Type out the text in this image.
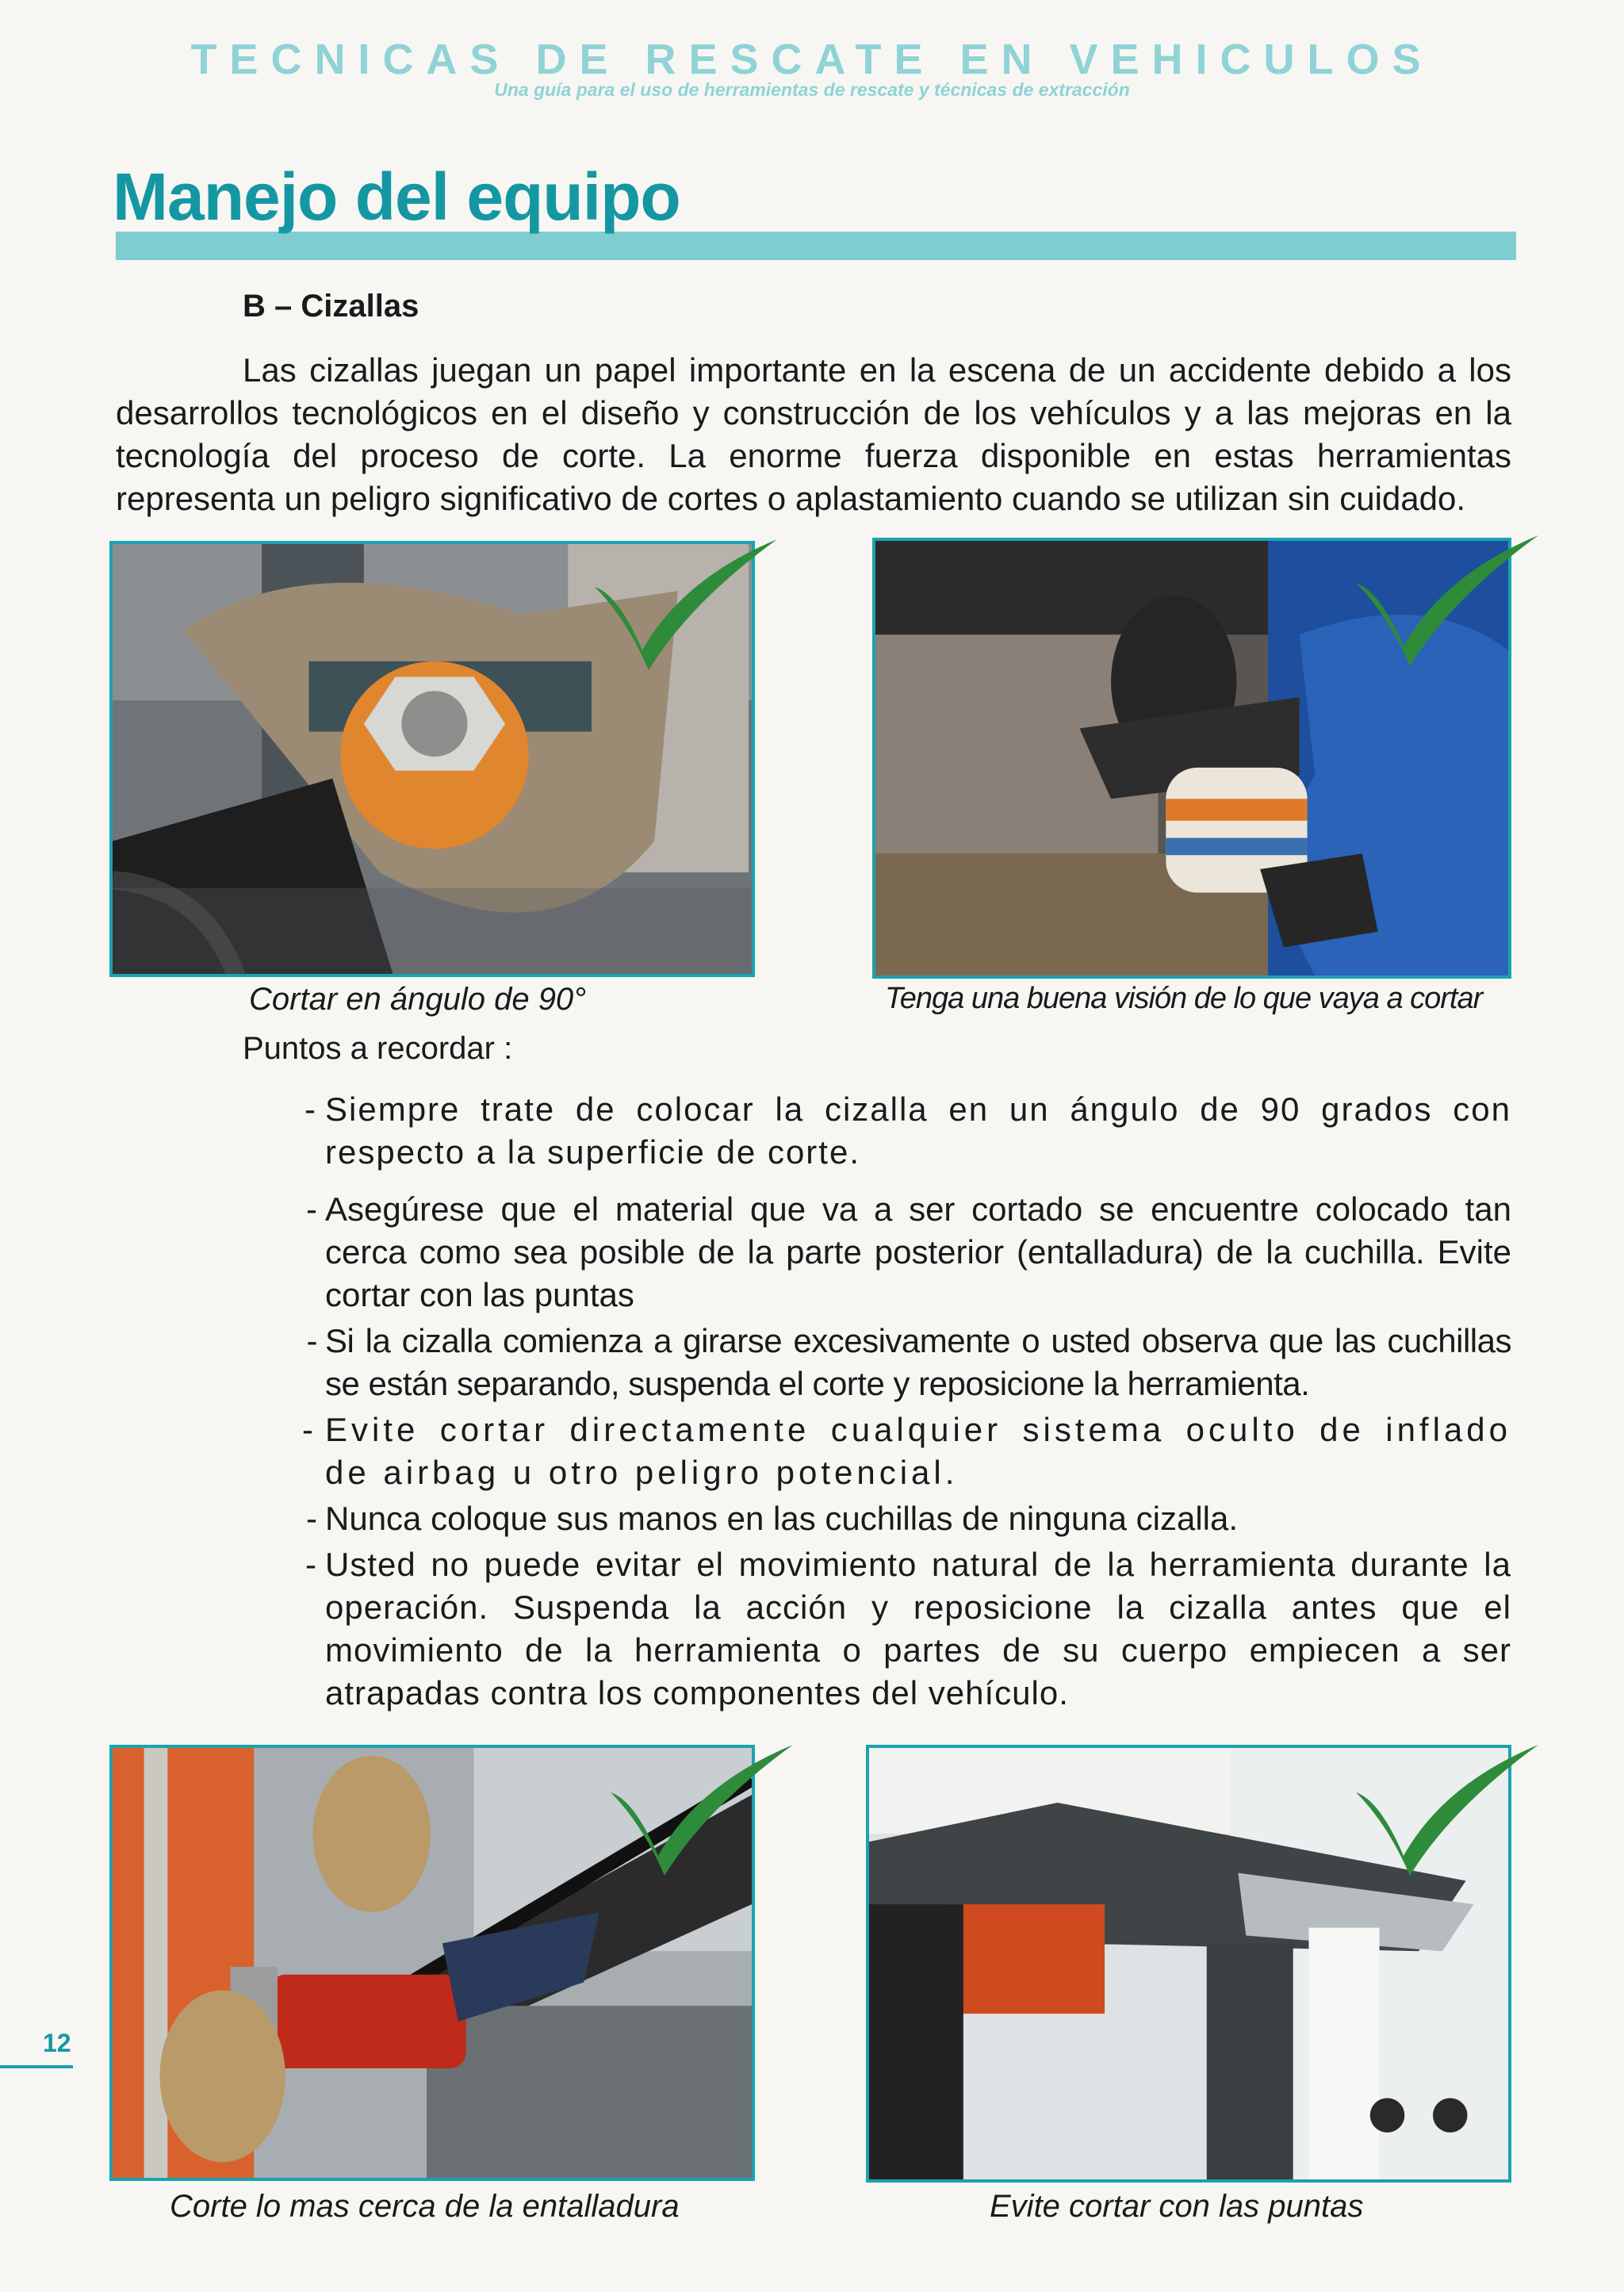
TECNICAS DE RESCATE EN VEHICULOS
Una guía para el uso de herramientas de rescate y técnicas de extracción
Manejo del equipo
B – Cizallas

Las cizallas juegan un papel importante en la escena de un accidente debido a los desarrollos tecnológicos en el diseño y construcción de los vehículos y a las mejoras en la tecnología del proceso de corte. La enorme fuerza disponible en estas herramientas representa un peligro significativo de cortes o aplastamiento cuando se utilizan sin cuidado.

Cortar en ángulo de 90°	Tenga una buena visión de lo que vaya a cortar
Puntos a recordar :
- Siempre trate de colocar la cizalla en un ángulo de 90 grados con respecto a la superficie de corte.
- Asegúrese que el material que va a ser cortado se encuentre colocado tan cerca como sea posible de la parte posterior (entalladura) de la cuchilla. Evite cortar con las puntas
- Si la cizalla comienza a girarse excesivamente o usted observa que las cuchillas se están separando, suspenda el corte y reposicione la herramienta.
- Evite cortar directamente cualquier sistema oculto de inflado de airbag u otro peligro potencial.
- Nunca coloque sus manos en las cuchillas de ninguna cizalla.
- Usted no puede evitar el movimiento natural de la herramienta durante la operación. Suspenda la acción y reposicione la cizalla antes que el movimiento de la herramienta o partes de su cuerpo empiecen a ser atrapadas contra los componentes del vehículo.
Corte lo mas cerca de la entalladura	Evite cortar con las puntas
12
